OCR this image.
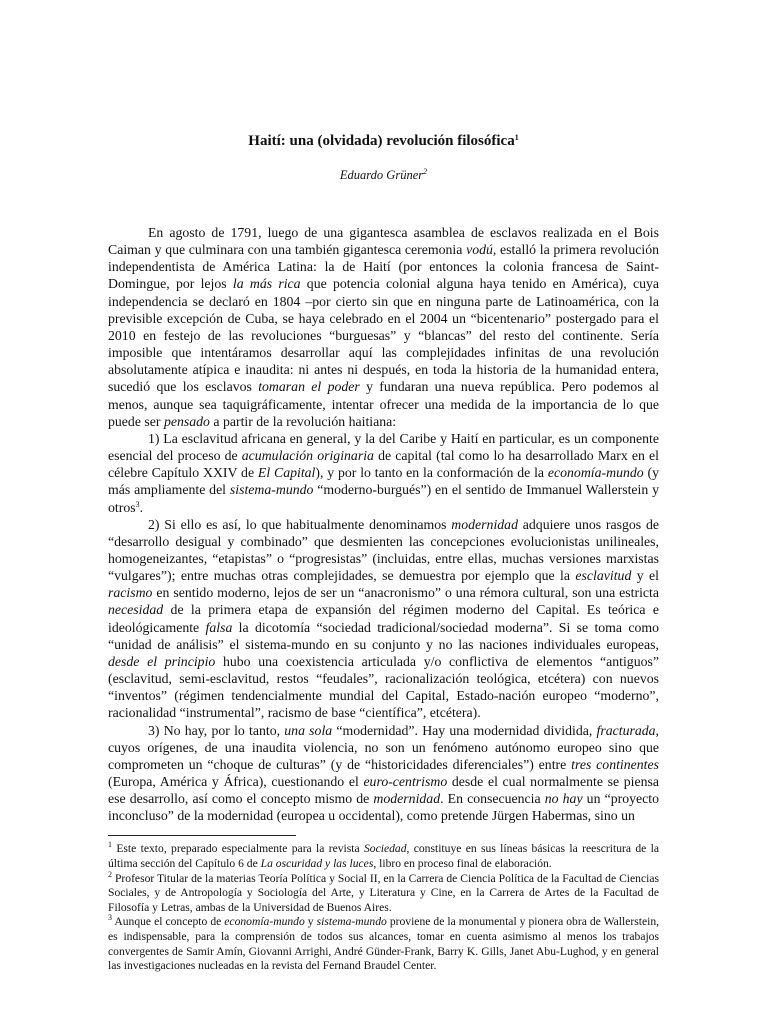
Haití: una (olvidada) revolución filosófica$^1$
Eduardo Grüner$^2$

En agosto de 1791, luego de una gigantesca asamblea de esclavos realizada en el Bois Caiman y que culminara con una también gigantesca ceremonia vodú, estalló la primera revolución independentista de América Latina: la de Haití (por entonces la colonia francesa de Saint-Domingue, por lejos la más rica que potencia colonial alguna haya tenido en América), cuya independencia se declaró en 1804 –por cierto sin que en ninguna parte de Latinoamérica, con la previsible excepción de Cuba, se haya celebrado en el 2004 un “bicentenario” postergado para el 2010 en festejo de las revoluciones “burguesas” y “blancas” del resto del continente. Sería imposible que intentáramos desarrollar aquí las complejidades infinitas de una revolución absolutamente atípica e inaudita: ni antes ni después, en toda la historia de la humanidad entera, sucedió que los esclavos tomaran el poder y fundaran una nueva república. Pero podemos al menos, aunque sea taquigráficamente, intentar ofrecer una medida de la importancia de lo que puede ser pensado a partir de la revolución haitiana:

1) La esclavitud africana en general, y la del Caribe y Haití en particular, es un componente esencial del proceso de acumulación originaria de capital (tal como lo ha desarrollado Marx en el célebre Capítulo XXIV de El Capital), y por lo tanto en la conformación de la economía-mundo (y más ampliamente del sistema-mundo “moderno-burgués”) en el sentido de Immanuel Wallerstein y otros$^3$.

2) Si ello es así, lo que habitualmente denominamos modernidad adquiere unos rasgos de “desarrollo desigual y combinado” que desmienten las concepciones evolucionistas unilineales, homogeneizantes, “etapistas” o “progresistas” (incluidas, entre ellas, muchas versiones marxistas “vulgares”); entre muchas otras complejidades, se demuestra por ejemplo que la esclavitud y el racismo en sentido moderno, lejos de ser un “anacronismo” o una rémora cultural, son una estricta necesidad de la primera etapa de expansión del régimen moderno del Capital. Es teórica e ideológicamente falsa la dicotomía “sociedad tradicional/sociedad moderna”. Si se toma como “unidad de análisis” el sistema-mundo en su conjunto y no las naciones individuales europeas, desde el principio hubo una coexistencia articulada y/o conflictiva de elementos “antiguos” (esclavitud, semi-esclavitud, restos “feudales”, racionalización teológica, etcétera) con nuevos “inventos” (régimen tendencialmente mundial del Capital, Estado-nación europeo “moderno”, racionalidad “instrumental”, racismo de base “científica”, etcétera).

3) No hay, por lo tanto, una sola “modernidad”. Hay una modernidad dividida, fracturada, cuyos orígenes, de una inaudita violencia, no son un fenómeno autónomo europeo sino que comprometen un “choque de culturas” (y de “historicidades diferenciales”) entre tres continentes (Europa, América y África), cuestionando el euro-centrismo desde el cual normalmente se piensa ese desarrollo, así como el concepto mismo de modernidad. En consecuencia no hay un “proyecto inconcluso” de la modernidad (europea u occidental), como pretende Jürgen Habermas, sino un

$^1$ Este texto, preparado especialmente para la revista Sociedad, constituye en sus líneas básicas la reescritura de la última sección del Capítulo 6 de La oscuridad y las luces, libro en proceso final de elaboración.

$^2$ Profesor Titular de la materias Teoría Política y Social II, en la Carrera de Ciencia Política de la Facultad de Ciencias Sociales, y de Antropología y Sociología del Arte, y Literatura y Cine, en la Carrera de Artes de la Facultad de Filosofía y Letras, ambas de la Universidad de Buenos Aires.

$^3$ Aunque el concepto de economía-mundo y sistema-mundo proviene de la monumental y pionera obra de Wallerstein, es indispensable, para la comprensión de todos sus alcances, tomar en cuenta asimismo al menos los trabajos convergentes de Samir Amín, Giovanni Arrighi, André Günder-Frank, Barry K. Gills, Janet Abu-Lughod, y en general las investigaciones nucleadas en la revista del Fernand Braudel Center.
